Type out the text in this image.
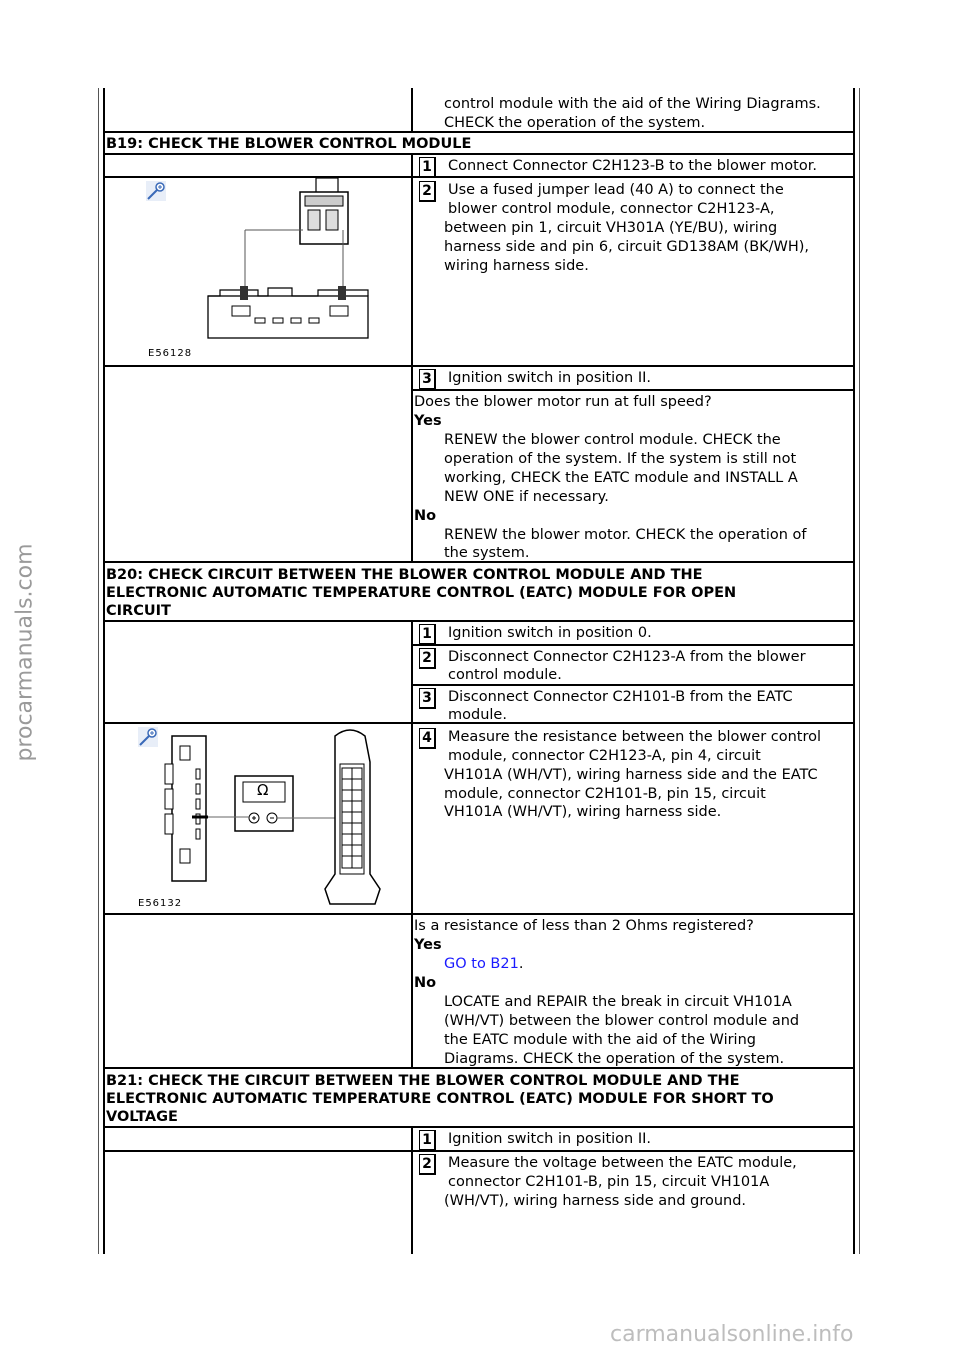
control module with the aid of the Wiring Diagrams.
CHECK the operation of the system.
B19: CHECK THE BLOWER CONTROL MODULE
1 Connect Connector C2H123-B to the blower motor.
2 Use a fused jumper lead (40 A) to connect the
blower control module, connector C2H123-A,
between pin 1, circuit VH301A (YE/BU), wiring
harness side and pin 6, circuit GD138AM (BK/WH),
wiring harness side.
E56128
3 Ignition switch in position II.
Does the blower motor run at full speed?
Yes
RENEW the blower control module. CHECK the
operation of the system. If the system is still not
working, CHECK the EATC module and INSTALL A
NEW ONE if necessary.
No
RENEW the blower motor. CHECK the operation of
the system.
B20: CHECK CIRCUIT BETWEEN THE BLOWER CONTROL MODULE AND THE
ELECTRONIC AUTOMATIC TEMPERATURE CONTROL (EATC) MODULE FOR OPEN
CIRCUIT
1 Ignition switch in position 0.
2 Disconnect Connector C2H123-A from the blower
control module.
3 Disconnect Connector C2H101-B from the EATC
module.
4 Measure the resistance between the blower control
module, connector C2H123-A, pin 4, circuit
VH101A (WH/VT), wiring harness side and the EATC
module, connector C2H101-B, pin 15, circuit
VH101A (WH/VT), wiring harness side.
Ω
E56132
Is a resistance of less than 2 Ohms registered?
Yes
GO to B21.
No
LOCATE and REPAIR the break in circuit VH101A
(WH/VT) between the blower control module and
the EATC module with the aid of the Wiring
Diagrams. CHECK the operation of the system.
B21: CHECK THE CIRCUIT BETWEEN THE BLOWER CONTROL MODULE AND THE
ELECTRONIC AUTOMATIC TEMPERATURE CONTROL (EATC) MODULE FOR SHORT TO
VOLTAGE
1 Ignition switch in position II.
2 Measure the voltage between the EATC module,
connector C2H101-B, pin 15, circuit VH101A
(WH/VT), wiring harness side and ground.
procarmanuals.com
carmanualsonline.info
